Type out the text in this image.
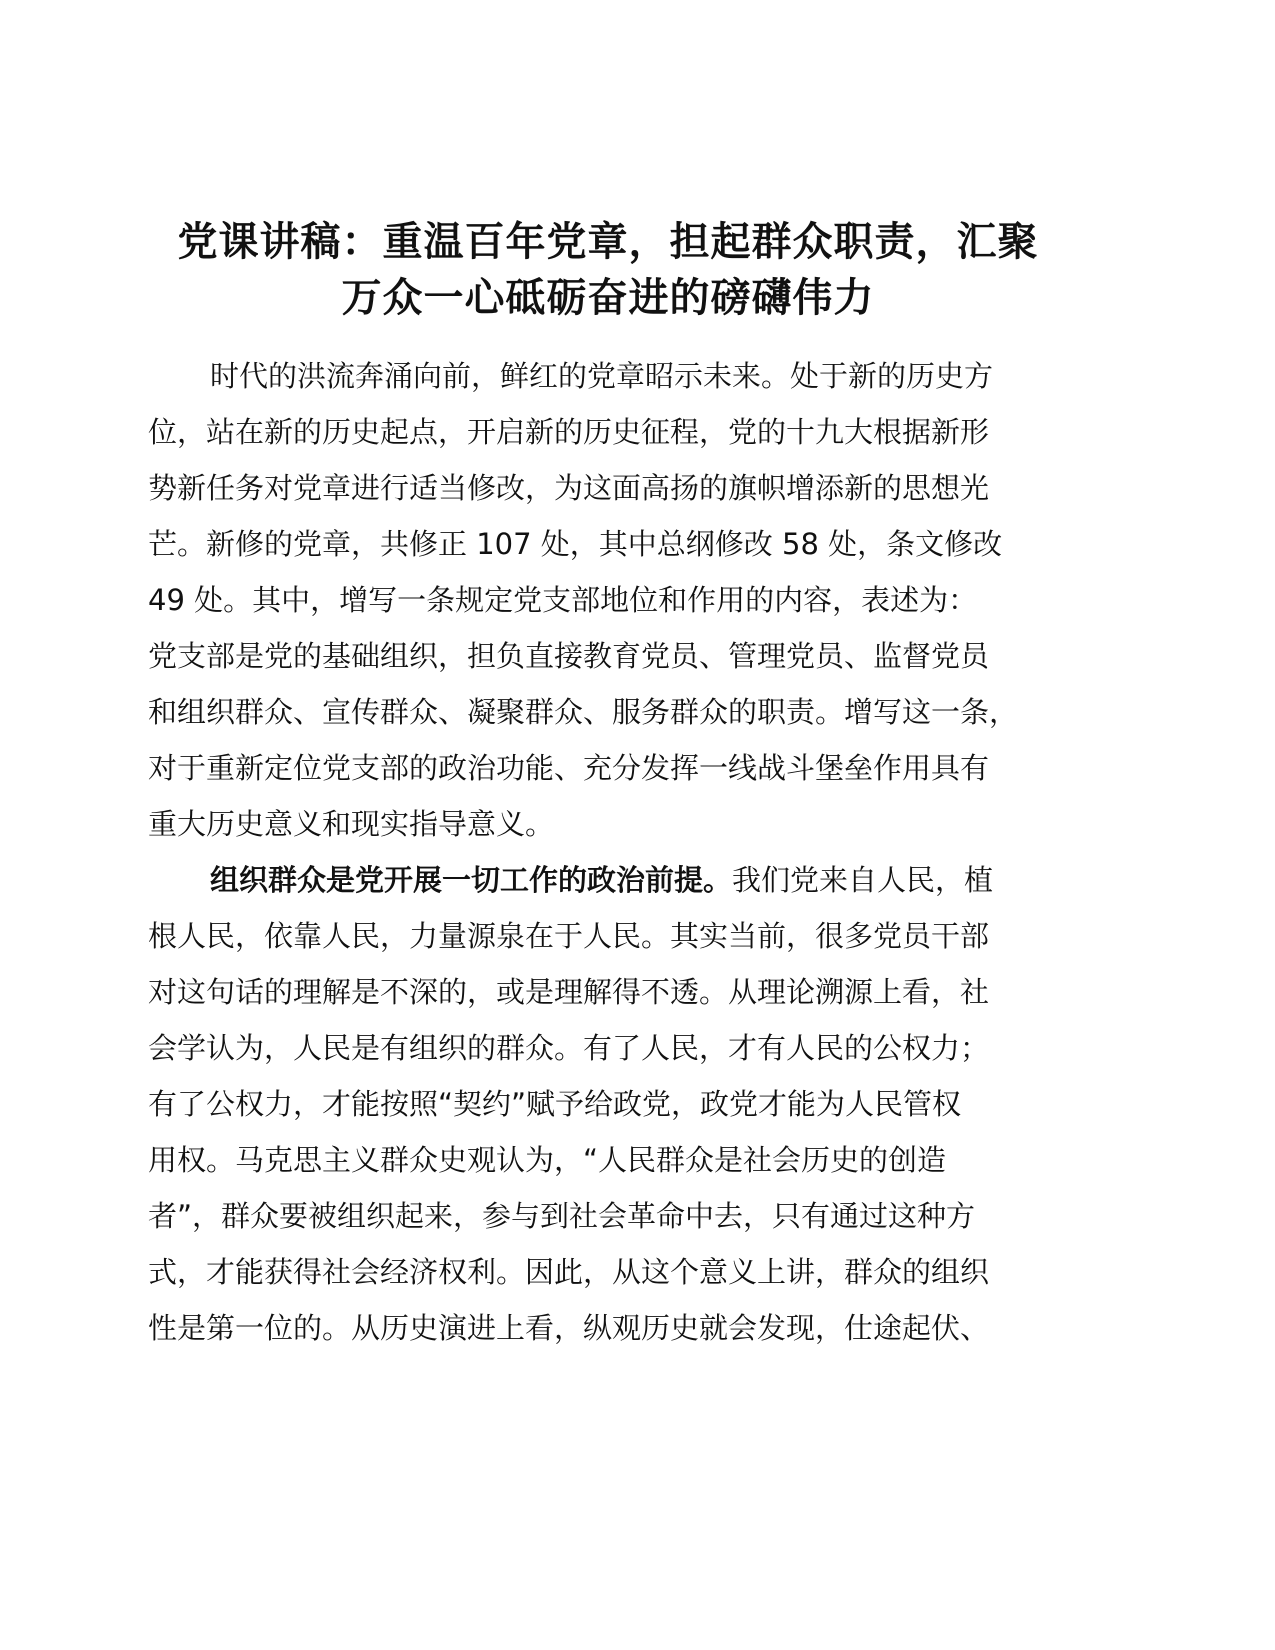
党课讲稿：重温百年党章，担起群众职责，汇聚
万众一心砥砺奋进的磅礴伟力

时代的洪流奔涌向前，鲜红的党章昭示未来。处于新的历史方
位，站在新的历史起点，开启新的历史征程，党的十九大根据新形
势新任务对党章进行适当修改，为这面高扬的旗帜增添新的思想光
芒。新修的党章，共修正 107 处，其中总纲修改 58 处，条文修改
49 处。其中，增写一条规定党支部地位和作用的内容，表述为：
党支部是党的基础组织，担负直接教育党员、管理党员、监督党员
和组织群众、宣传群众、凝聚群众、服务群众的职责。增写这一条，
对于重新定位党支部的政治功能、充分发挥一线战斗堡垒作用具有
重大历史意义和现实指导意义。

组织群众是党开展一切工作的政治前提。我们党来自人民，植
根人民，依靠人民，力量源泉在于人民。其实当前，很多党员干部
对这句话的理解是不深的，或是理解得不透。从理论溯源上看，社
会学认为，人民是有组织的群众。有了人民，才有人民的公权力；
有了公权力，才能按照“契约”赋予给政党，政党才能为人民管权
用权。马克思主义群众史观认为，“人民群众是社会历史的创造
者”，群众要被组织起来，参与到社会革命中去，只有通过这种方
式，才能获得社会经济权利。因此，从这个意义上讲，群众的组织
性是第一位的。从历史演进上看，纵观历史就会发现，仕途起伏、
